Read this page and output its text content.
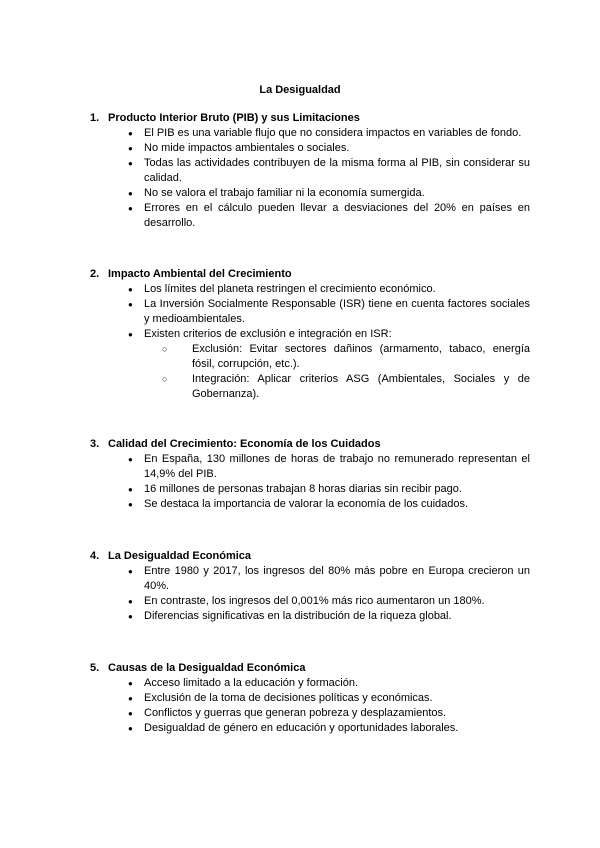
La Desigualdad
1. Producto Interior Bruto (PIB) y sus Limitaciones
● El PIB es una variable flujo que no considera impactos en variables de fondo.
● No mide impactos ambientales o sociales.
● Todas las actividades contribuyen de la misma forma al PIB, sin considerar su calidad.
● No se valora el trabajo familiar ni la economía sumergida.
● Errores en el cálculo pueden llevar a desviaciones del 20% en países en desarrollo.
2. Impacto Ambiental del Crecimiento
● Los límites del planeta restringen el crecimiento económico.
● La Inversión Socialmente Responsable (ISR) tiene en cuenta factores sociales y medioambientales.
● Existen criterios de exclusión e integración en ISR:
○ Exclusión: Evitar sectores dañinos (armamento, tabaco, energía fósil, corrupción, etc.).
○ Integración: Aplicar criterios ASG (Ambientales, Sociales y de Gobernanza).
3. Calidad del Crecimiento: Economía de los Cuidados
● En España, 130 millones de horas de trabajo no remunerado representan el 14,9% del PIB.
● 16 millones de personas trabajan 8 horas diarias sin recibir pago.
● Se destaca la importancia de valorar la economía de los cuidados.
4. La Desigualdad Económica
● Entre 1980 y 2017, los ingresos del 80% más pobre en Europa crecieron un 40%.
● En contraste, los ingresos del 0,001% más rico aumentaron un 180%.
● Diferencias significativas en la distribución de la riqueza global.
5. Causas de la Desigualdad Económica
● Acceso limitado a la educación y formación.
● Exclusión de la toma de decisiones políticas y económicas.
● Conflictos y guerras que generan pobreza y desplazamientos.
● Desigualdad de género en educación y oportunidades laborales.
